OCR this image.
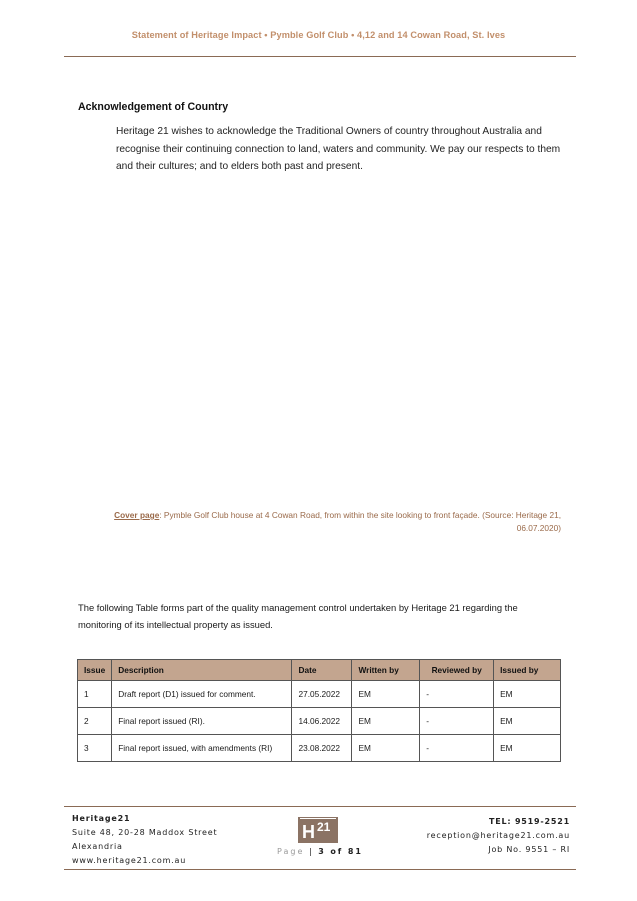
Statement of Heritage Impact • Pymble Golf Club • 4,12 and 14 Cowan Road, St. Ives
Acknowledgement of Country
Heritage 21 wishes to acknowledge the Traditional Owners of country throughout Australia and recognise their continuing connection to land, waters and community. We pay our respects to them and their cultures; and to elders both past and present.
Cover page: Pymble Golf Club house at 4 Cowan Road, from within the site looking to front façade. (Source: Heritage 21, 06.07.2020)
The following Table forms part of the quality management control undertaken by Heritage 21 regarding the monitoring of its intellectual property as issued.
Issue	Description	Date	Written by	Reviewed by	Issued by
1	Draft report (D1) issued for comment.	27.05.2022	EM	-	EM
2	Final report issued (RI).	14.06.2022	EM	-	EM
3	Final report issued, with amendments (RI)	23.08.2022	EM	-	EM
Heritage21
Suite 48, 20-28 Maddox Street
Alexandria
www.heritage21.com.au
H 21
Page | 3 of 81
TEL: 9519-2521
reception@heritage21.com.au
Job No. 9551 – RI
